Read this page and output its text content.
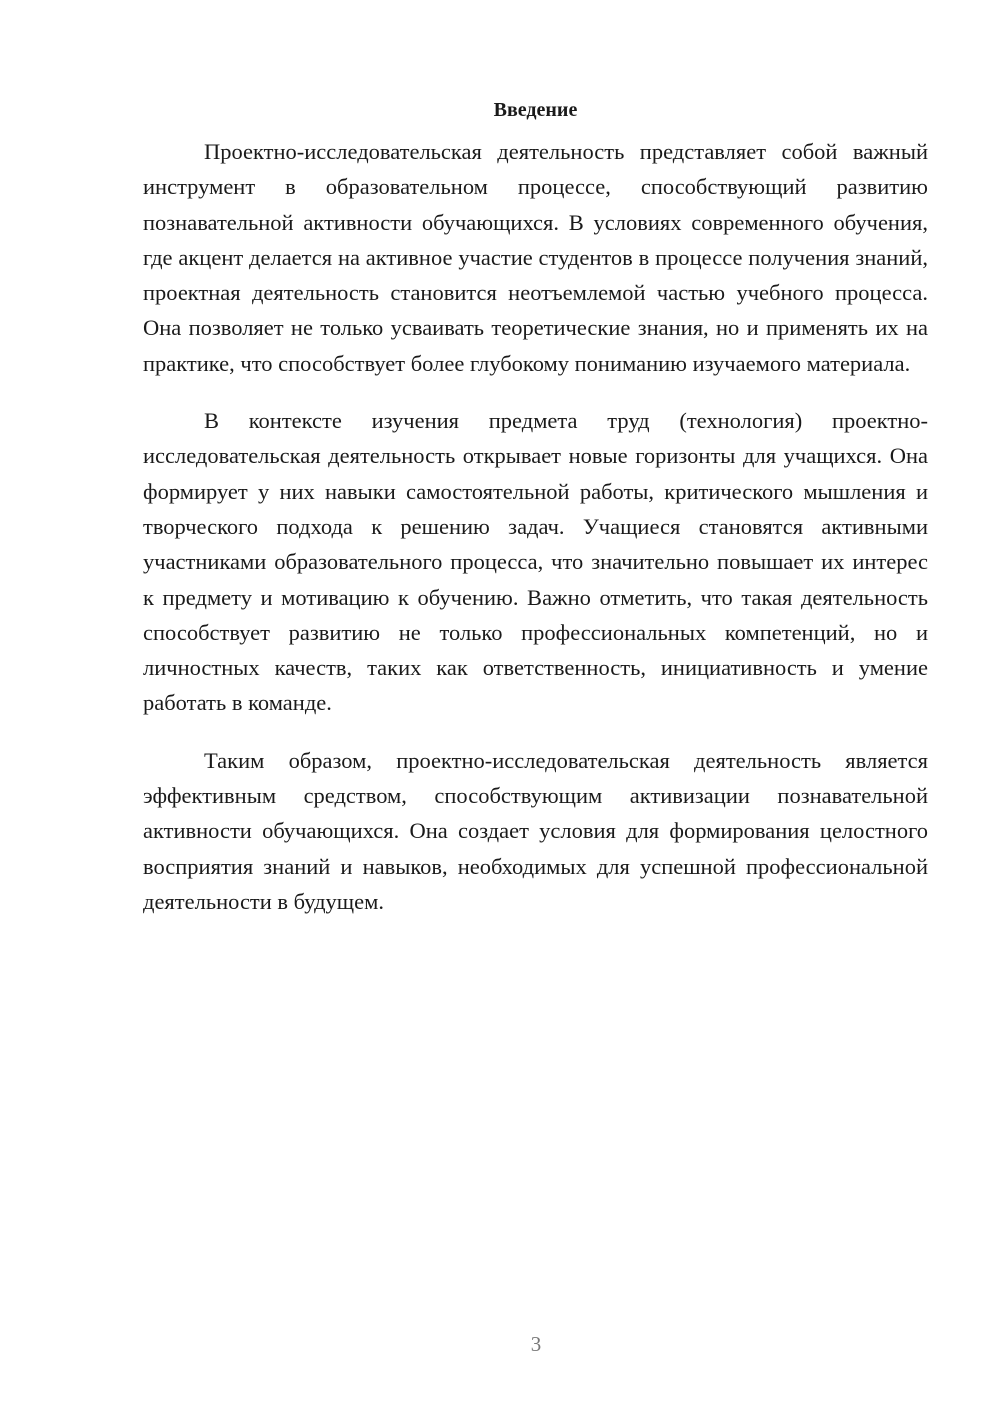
Введение

Проектно-исследовательская деятельность представляет собой важный инструмент в образовательном процессе, способствующий развитию познавательной активности обучающихся. В условиях современного обучения, где акцент делается на активное участие студентов в процессе получения знаний, проектная деятельность становится неотъемлемой частью учебного процесса. Она позволяет не только усваивать теоретические знания, но и применять их на практике, что способствует более глубокому пониманию изучаемого материала.

В контексте изучения предмета труд (технология) проектно-исследовательская деятельность открывает новые горизонты для учащихся. Она формирует у них навыки самостоятельной работы, критического мышления и творческого подхода к решению задач. Учащиеся становятся активными участниками образовательного процесса, что значительно повышает их интерес к предмету и мотивацию к обучению. Важно отметить, что такая деятельность способствует развитию не только профессиональных компетенций, но и личностных качеств, таких как ответственность, инициативность и умение работать в команде.

Таким образом, проектно-исследовательская деятельность является эффективным средством, способствующим активизации познавательной активности обучающихся. Она создает условия для формирования целостного восприятия знаний и навыков, необходимых для успешной профессиональной деятельности в будущем.

3
